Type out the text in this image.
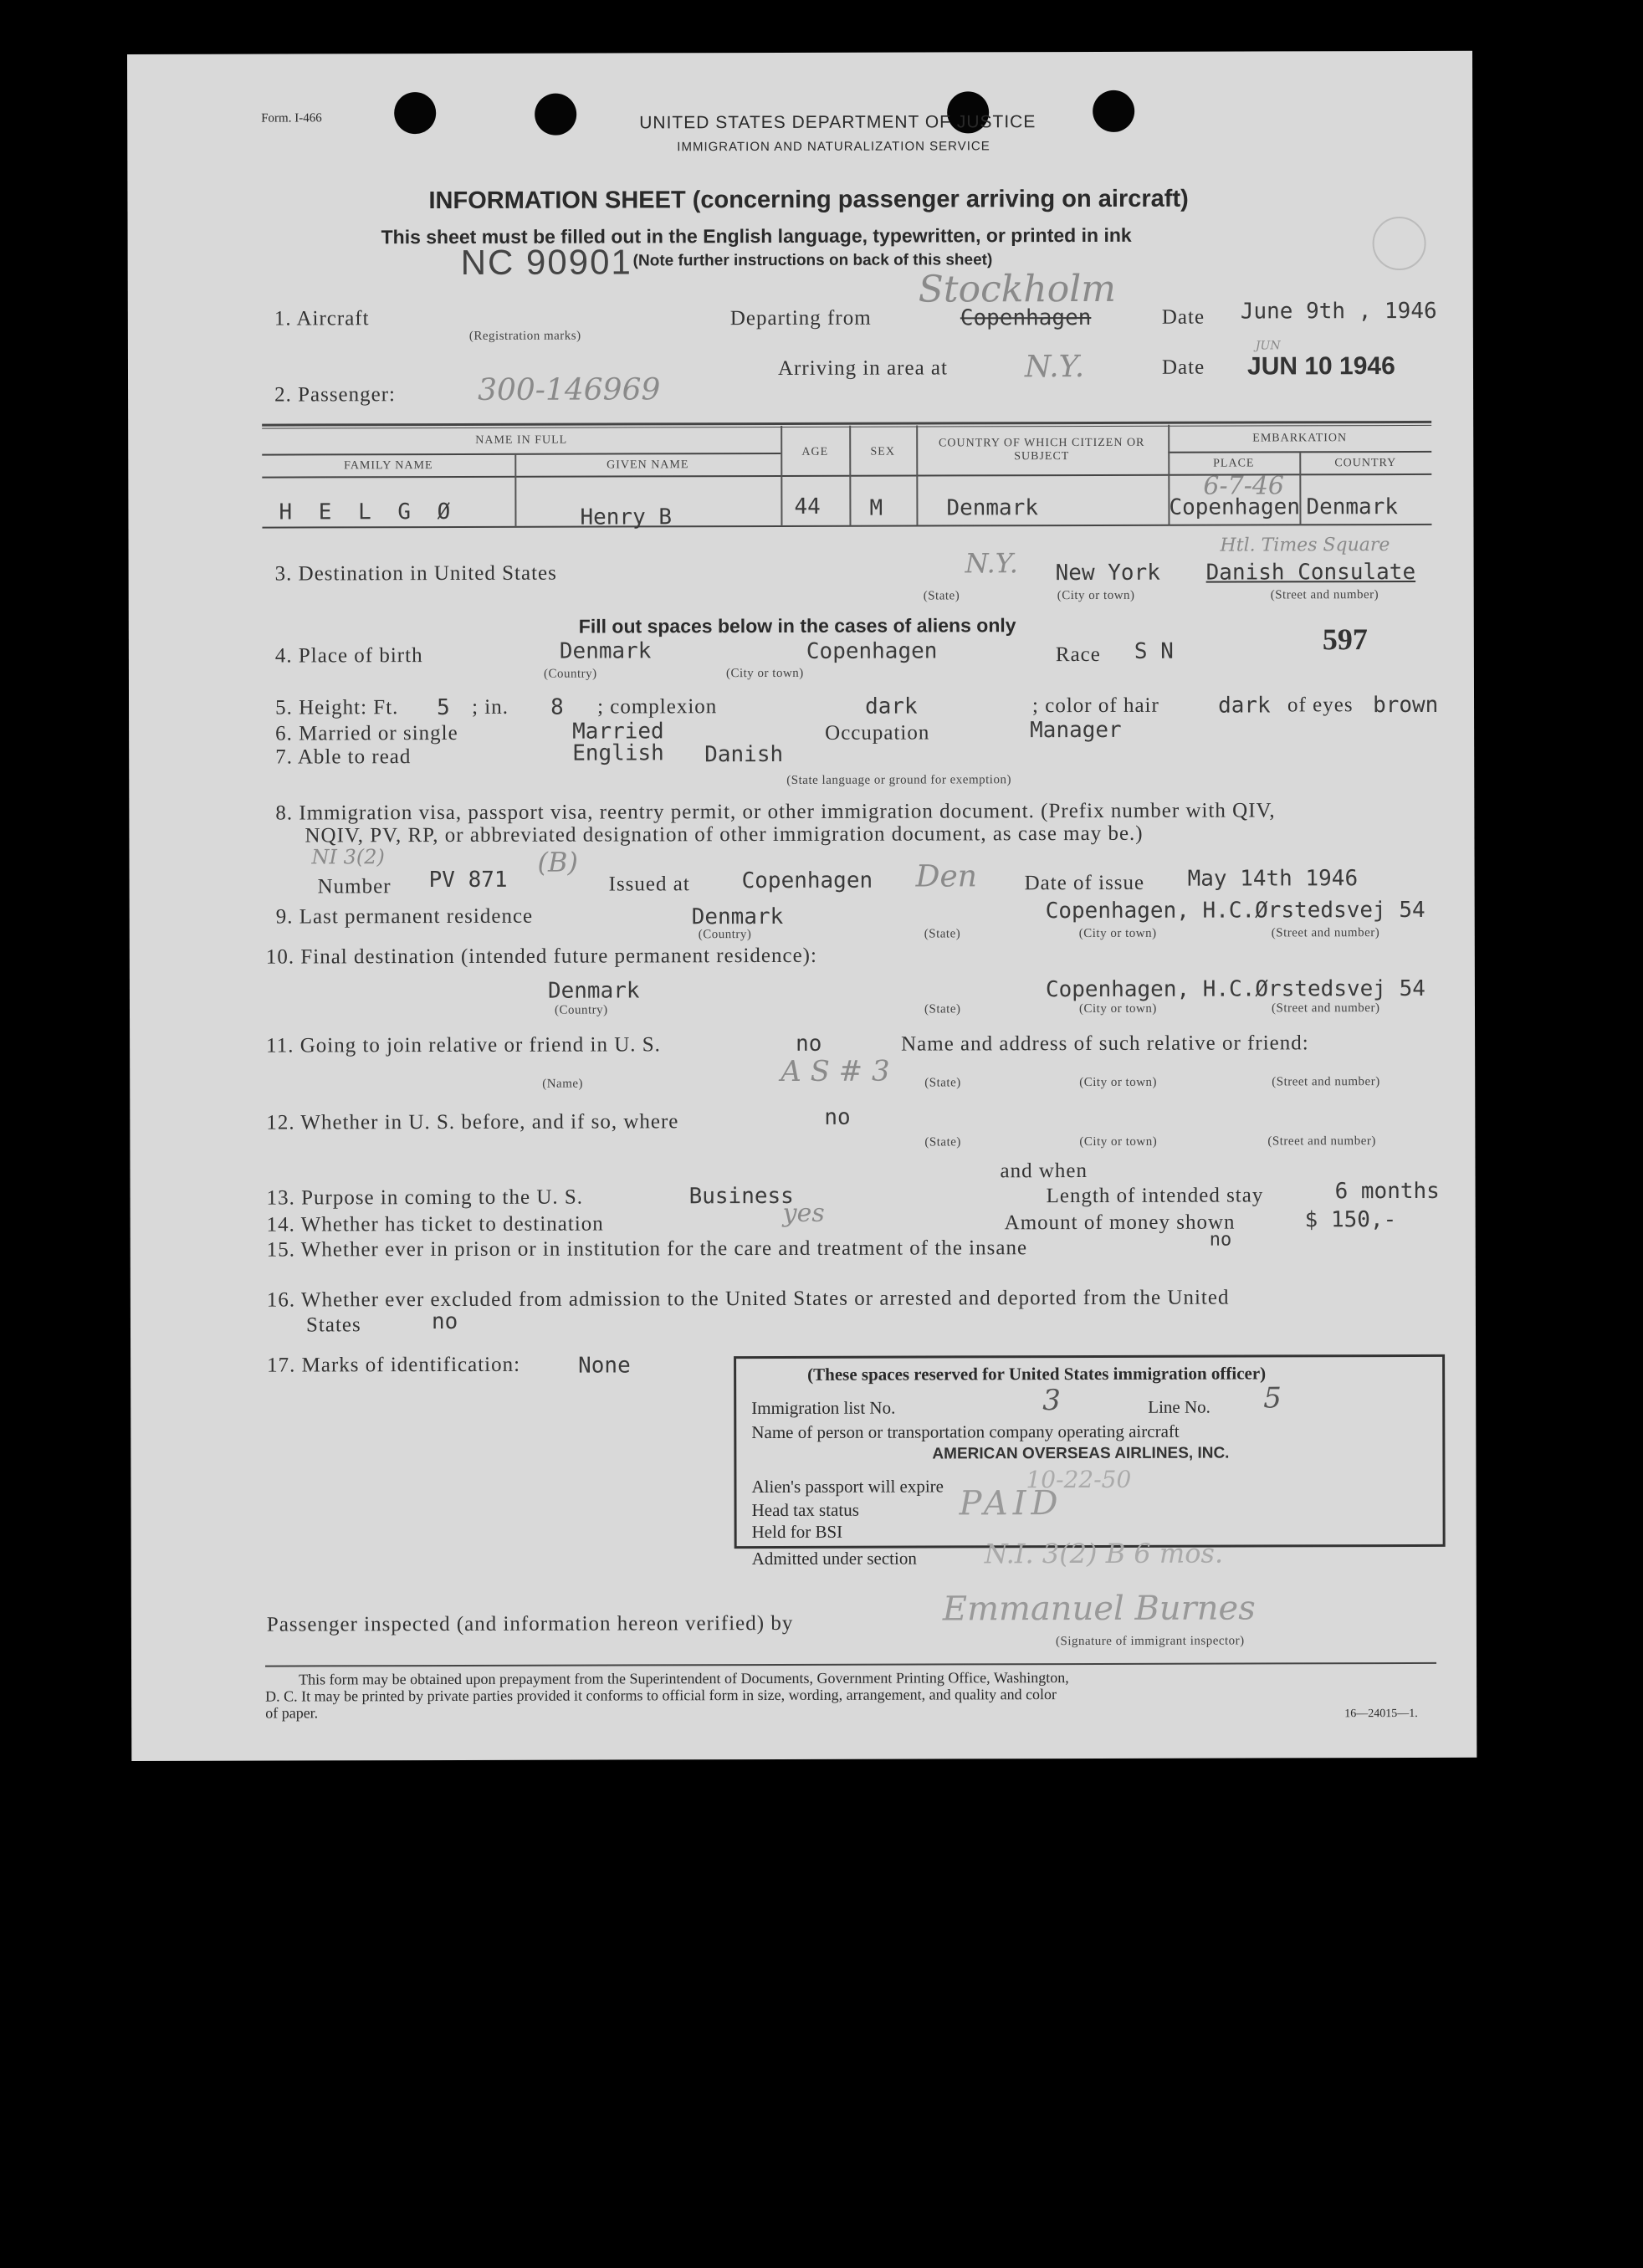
Form. I-466	UNITED STATES DEPARTMENT OF JUSTICE
IMMIGRATION AND NATURALIZATION SERVICE
INFORMATION SHEET (concerning passenger arriving on aircraft)
This sheet must be filled out in the English language, typewritten, or printed in ink
(Note further instructions on back of this sheet)
NC 90901
1. Aircraft
(Registration marks)
Departing from	Copenhagen
Stockholm
Date June 9th , 1946
2. Passenger:	300-146969
Arriving in area at	N.Y.	Date JUN 10 1946
JUN
NAME IN FULL
FAMILY NAME	GIVEN NAME
AGE	SEX
COUNTRY OF WHICH CITIZEN OR SUBJECT
EMBARKATION
PLACE	COUNTRY
H E L G Ø	Henry B	44 M	Denmark	Copenhagen Denmark
6-7-46
3. Destination in United States	N.Y. New York Danish Consulate
Htl. Times Square
(State)	(City or town)	(Street and number)
Fill out spaces below in the cases of aliens only
4. Place of birth	Denmark	Copenhagen
(Country)	(City or town)
Race S N	597
5. Height: Ft. 5 ; in. 8 ; complexion	dark	; color of hair	dark of eyes brown
6. Married or single	Married	Occupation	Manager
7. Able to read	English Danish
(State language or ground for exemption)
8. Immigration visa, passport visa, reentry permit, or other immigration document. (Prefix number with QIV,
NQIV, PV, RP, or abbreviated designation of other immigration document, as case may be.)
NI 3(2)	(B)
Number PV 871	Issued at Copenhagen Den Date of issue May 14th 1946
9. Last permanent residence	Denmark	Copenhagen, H.C.Ørstedsvej 54
(Country)	(State)	(City or town)	(Street and number)
10. Final destination (intended future permanent residence):
Denmark	Copenhagen, H.C.Ørstedsvej 54
(Country)	(State)	(City or town)	(Street and number)
11. Going to join relative or friend in U. S.	no	Name and address of such relative or friend:
A S # 3
(Name)	(State)	(City or town)	(Street and number)
12. Whether in U. S. before, and if so, where	no
(State)	(City or town)	(Street and number)
and when
13. Purpose in coming to the U. S.	Business	Length of intended stay	6 months
14. Whether has ticket to destination	yes	Amount of money shown	$ 150,-
15. Whether ever in prison or in institution for the care and treatment of the insane	no
16. Whether ever excluded from admission to the United States or arrested and deported from the United
States	no
17. Marks of identification:	None	(These spaces reserved for United States immigration officer)
Immigration list No.	3	Line No. 5
Name of person or transportation company operating aircraft
AMERICAN OVERSEAS AIRLINES, INC.
Alien's passport will expire	10-22-50
Head tax status	PAID
Held for BSI
Admitted under section	N.I. 3(2) B 6 mos.
Passenger inspected (and information hereon verified) by	Emmanuel Burnes
(Signature of immigrant inspector)
This form may be obtained upon prepayment from the Superintendent of Documents, Government Printing Office, Washington,
D. C. It may be printed by private parties provided it conforms to official form in size, wording, arrangement, and quality and color
of paper.	16—24015—1.
